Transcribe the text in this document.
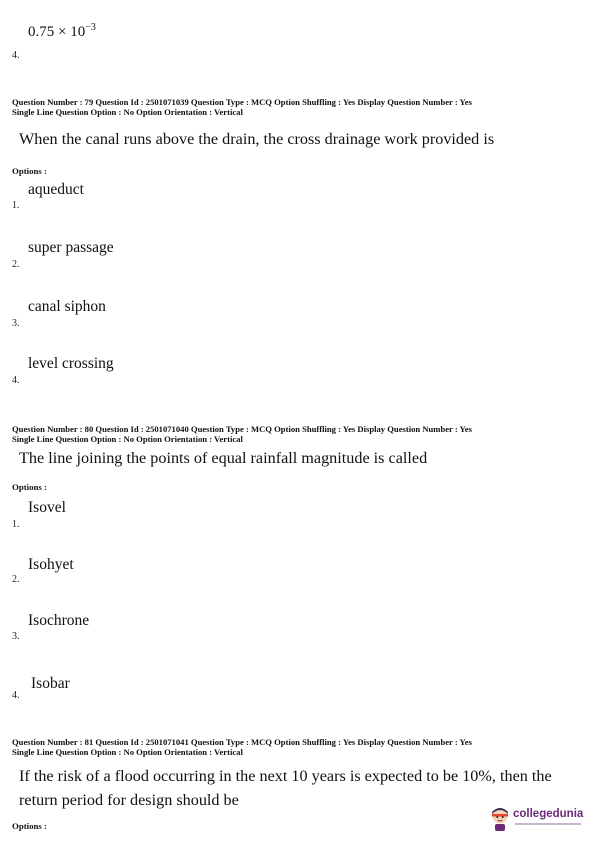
$0.75 \times 10^{-3}$
4.
Question Number : 79 Question Id : 2501071039 Question Type : MCQ Option Shuffling : Yes Display Question Number : Yes
Single Line Question Option : No Option Orientation : Vertical
When the canal runs above the drain, the cross drainage work provided is
Options :
aqueduct
1.
super passage
2.
canal siphon
3.
level crossing
4.
Question Number : 80 Question Id : 2501071040 Question Type : MCQ Option Shuffling : Yes Display Question Number : Yes
Single Line Question Option : No Option Orientation : Vertical
The line joining the points of equal rainfall magnitude is called
Options :
Isovel
1.
Isohyet
2.
Isochrone
3.
Isobar
4.
Question Number : 81 Question Id : 2501071041 Question Type : MCQ Option Shuffling : Yes Display Question Number : Yes
Single Line Question Option : No Option Orientation : Vertical
If the risk of a flood occurring in the next 10 years is expected to be 10%, then the return period for design should be
Options :
collegedunia
